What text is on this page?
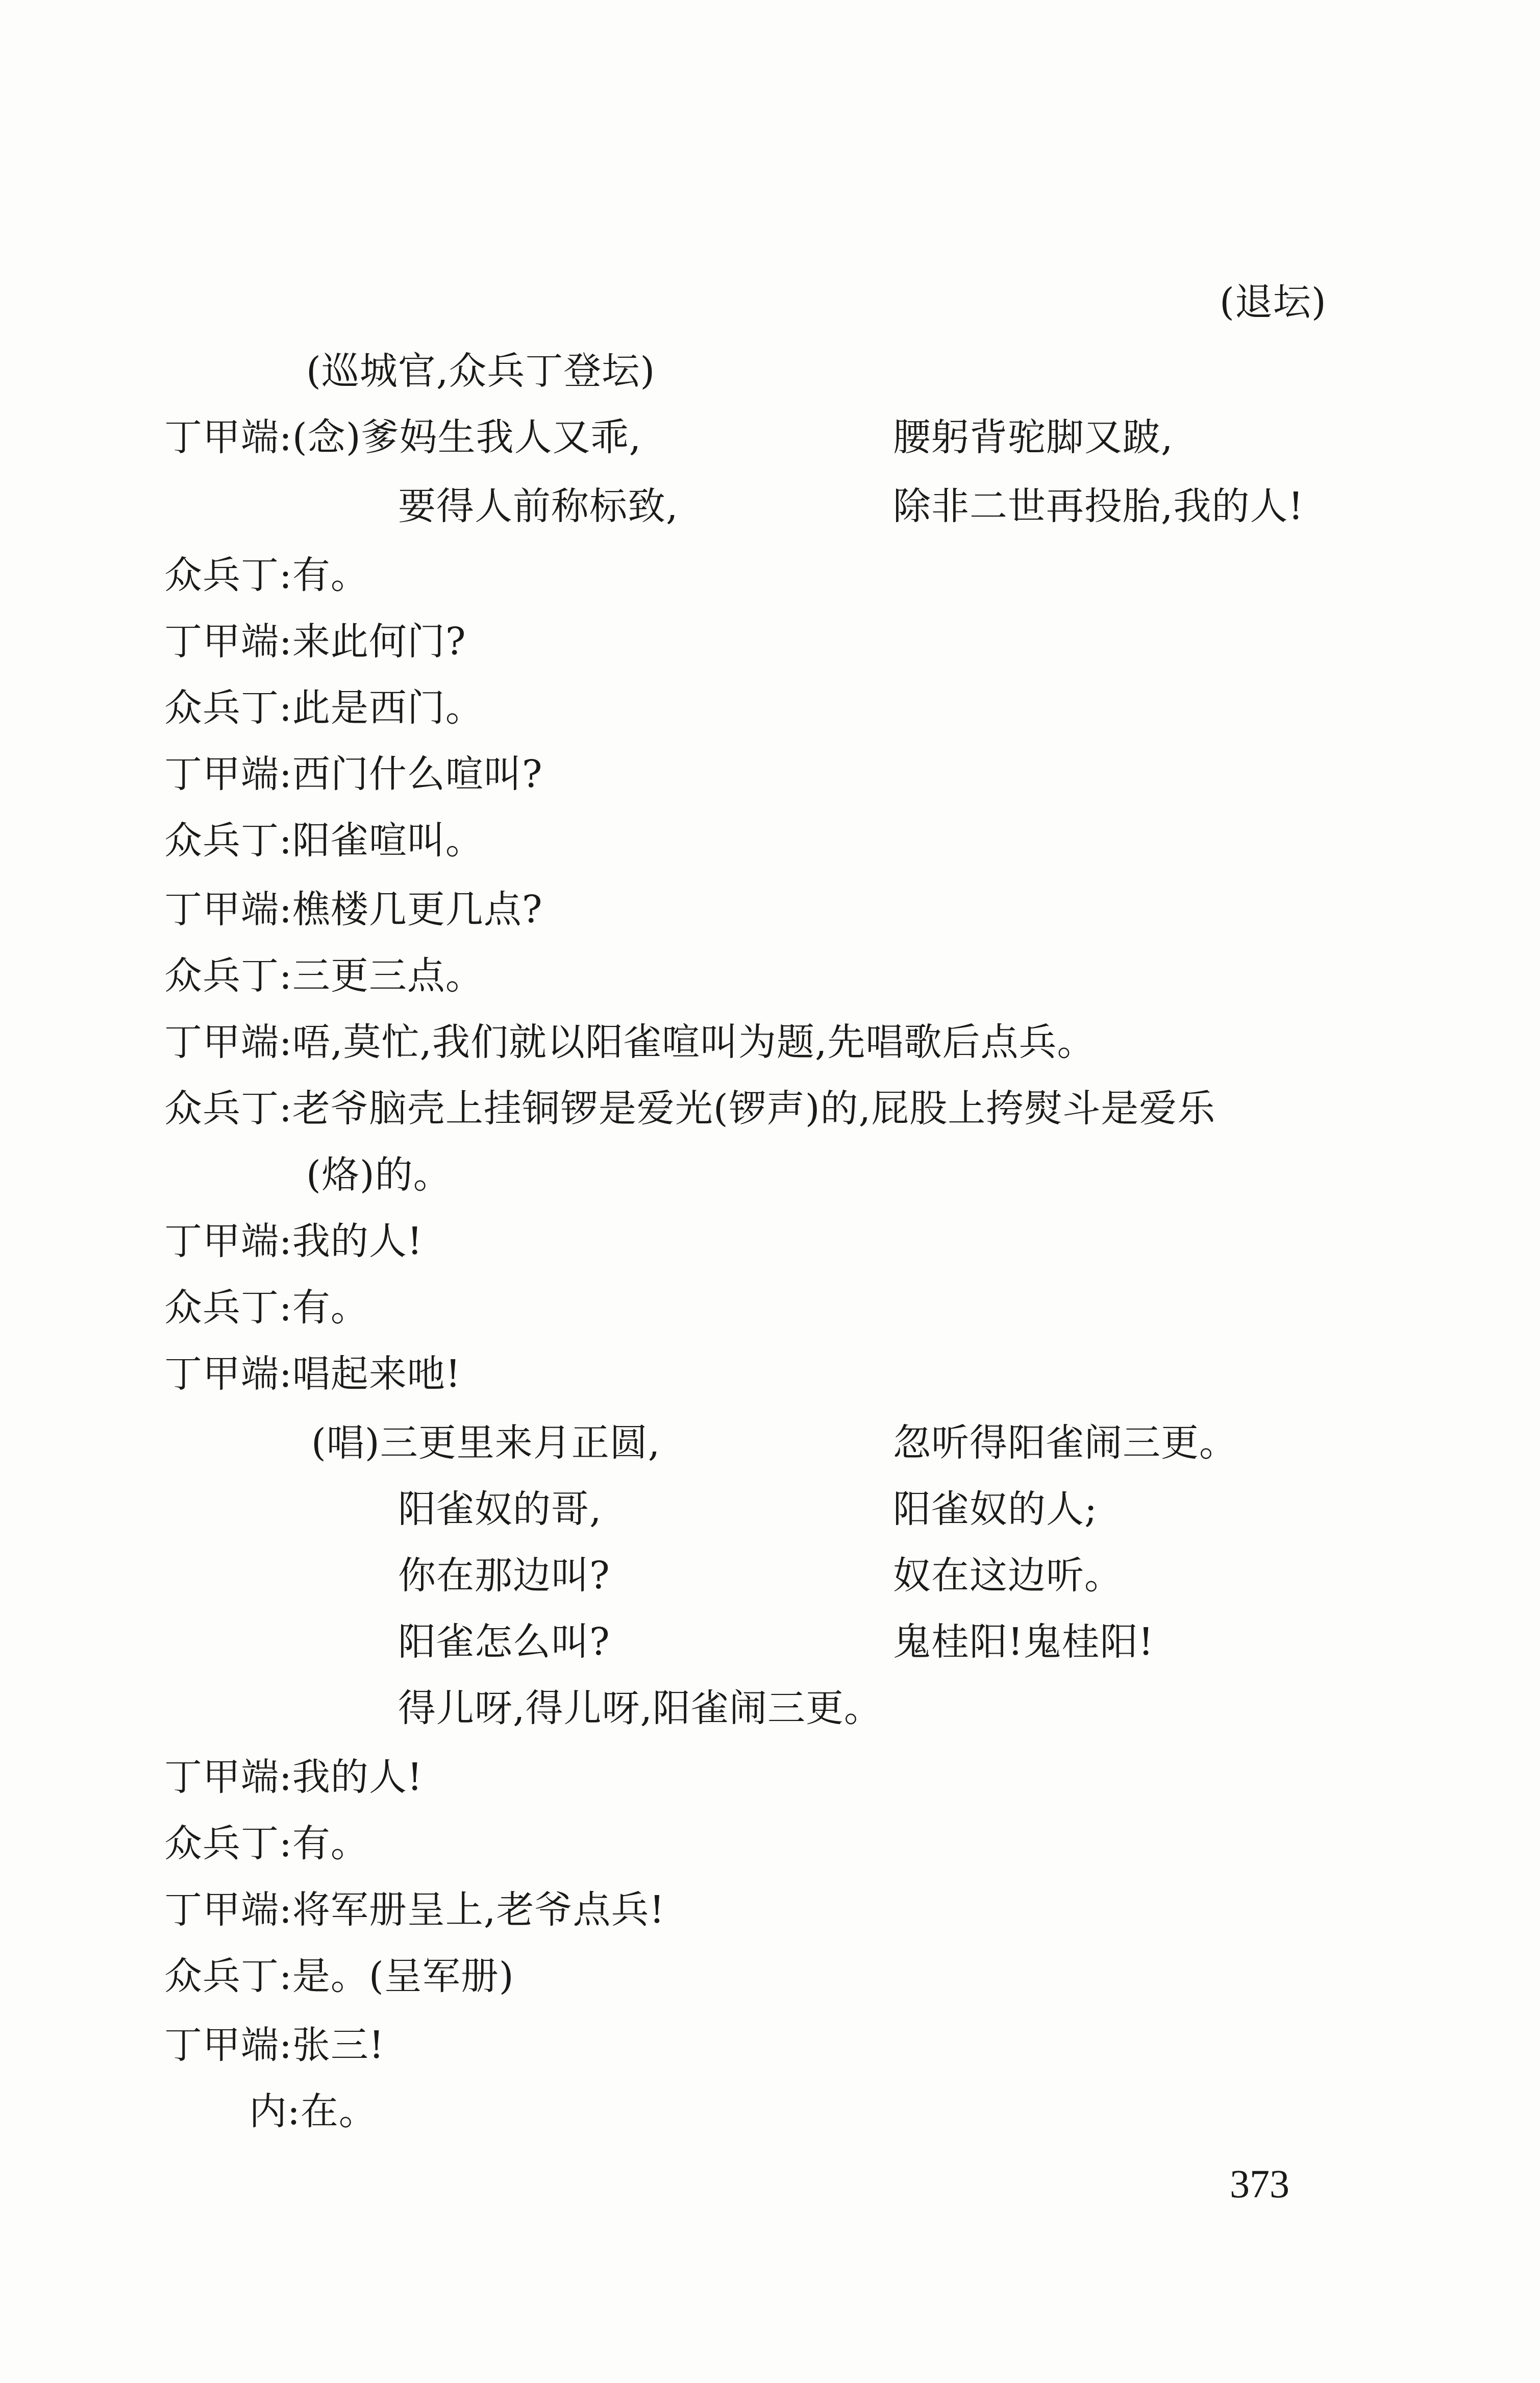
(退坛)
(巡城官,众兵丁登坛)
丁甲端:(念)爹妈生我人又乖,	腰躬背驼脚又跛,
要得人前称标致,	除非二世再投胎,我的人!
众兵丁:有。
丁甲端:来此何门?
众兵丁:此是西门。
丁甲端:西门什么喧叫?
众兵丁:阳雀喧叫。
丁甲端:樵楼几更几点?
众兵丁:三更三点。
丁甲端:唔,莫忙,我们就以阳雀喧叫为题,先唱歌后点兵。
众兵丁:老爷脑壳上挂铜锣是爱光(锣声)的,屁股上挎熨斗是爱乐
(烙)的。
丁甲端:我的人!
众兵丁:有。
丁甲端:唱起来吔!
(唱)三更里来月正圆,	忽听得阳雀闹三更。
阳雀奴的哥,	阳雀奴的人;
你在那边叫?	奴在这边听。
阳雀怎么叫?	鬼桂阳!鬼桂阳!
得儿呀,得儿呀,阳雀闹三更。
丁甲端:我的人!
众兵丁:有。
丁甲端:将军册呈上,老爷点兵!
众兵丁:是。(呈军册)
丁甲端:张三!
内:在。
373
